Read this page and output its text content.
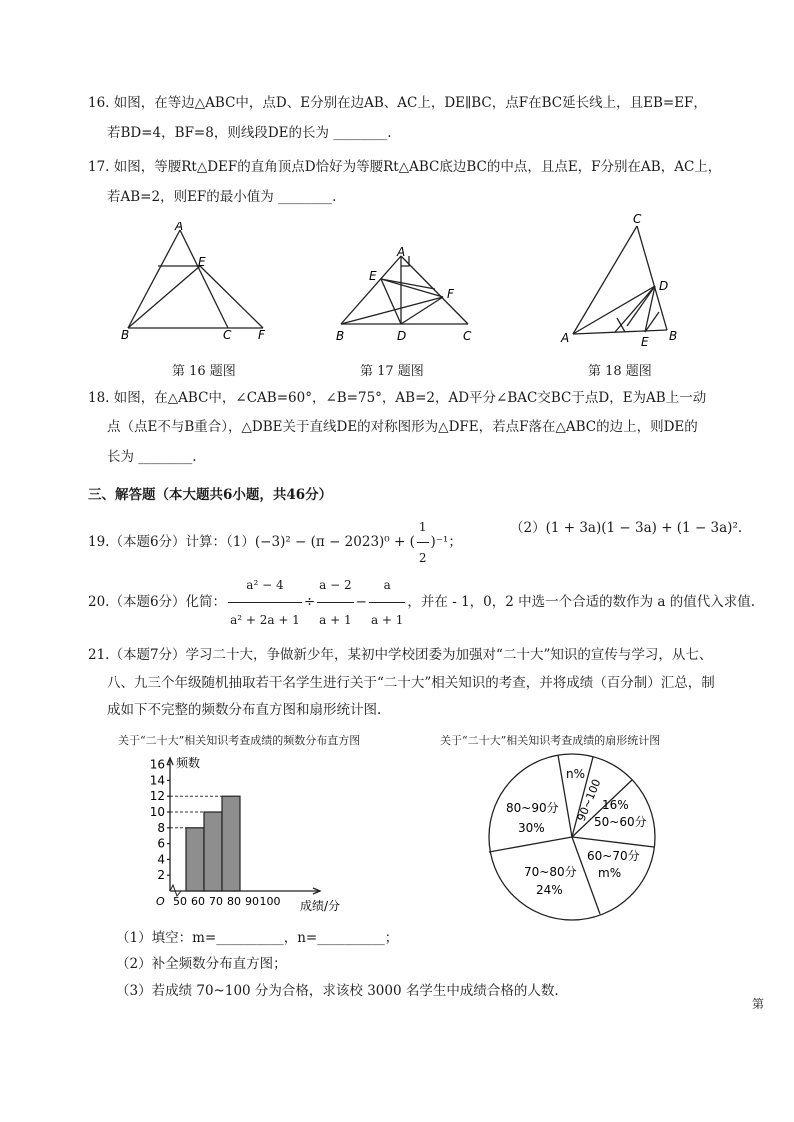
16. 如图，在等边△ABC中，点D、E分别在边AB、AC上，DE∥BC，点F在BC延长线上，且EB=EF，
若BD=4，BF=8，则线段DE的长为 ________.
17. 如图，等腰Rt△DEF的直角顶点D恰好为等腰Rt△ABC底边BC的中点，且点E，F分别在AB，AC上，
若AB=2，则EF的最小值为 ________.
A
E
B	C F
第 16 题图
A
E
F
B	D	C
第 17 题图
C
D
A	E B
第 18 题图
18. 如图，在△ABC中，∠CAB=60°，∠B=75°，AB=2，AD平分∠BAC交BC于点D，E为AB上一动
点（点E不与B重合），△DBE关于直线DE的对称图形为△DFE，若点F落在△ABC的边上，则DE的
长为 ________.
三、解答题（本大题共6小题，共46分）
19.（本题6分）计算：（1）(−3)² − (π − 2023)⁰ + ( $\frac{1}{2} )^{-1}$；
（2）(1 + 3a)(1 − 3a) + (1 − 3a)².
20.（本题6分）化简： $\frac{\text{a² − 4}}{\text{a² + 2a + 1}} \div \frac{a - 2}{a + 1} - \frac{a}{a + 1}$ ，并在 - 1，0，2 中选一个合适的数作为 a 的值代入求值.
21.（本题7分）学习二十大，争做新少年，某初中学校团委为加强对“二十大”知识的宣传与学习，从七、
八、九三个年级随机抽取若干名学生进行关于“二十大”相关知识的考查，并将成绩（百分制）汇总，制
成如下不完整的频数分布直方图和扇形统计图.
关于“二十大”相关知识考查成绩的频数分布直方图	关于“二十大”相关知识考查成绩的扇形统计图
2
4
6
8
10
12
14
16
50 60 70 80 90 100
频数
成绩/分
O
n%
90~100
16%
50~60分
60~70分
m%
70~80分
24%
80~90分
30%
（1）填空：m=__________，n=__________；
（2）补全频数分布直方图；
（3）若成绩 70~100 分为合格，求该校 3000 名学生中成绩合格的人数.
第
